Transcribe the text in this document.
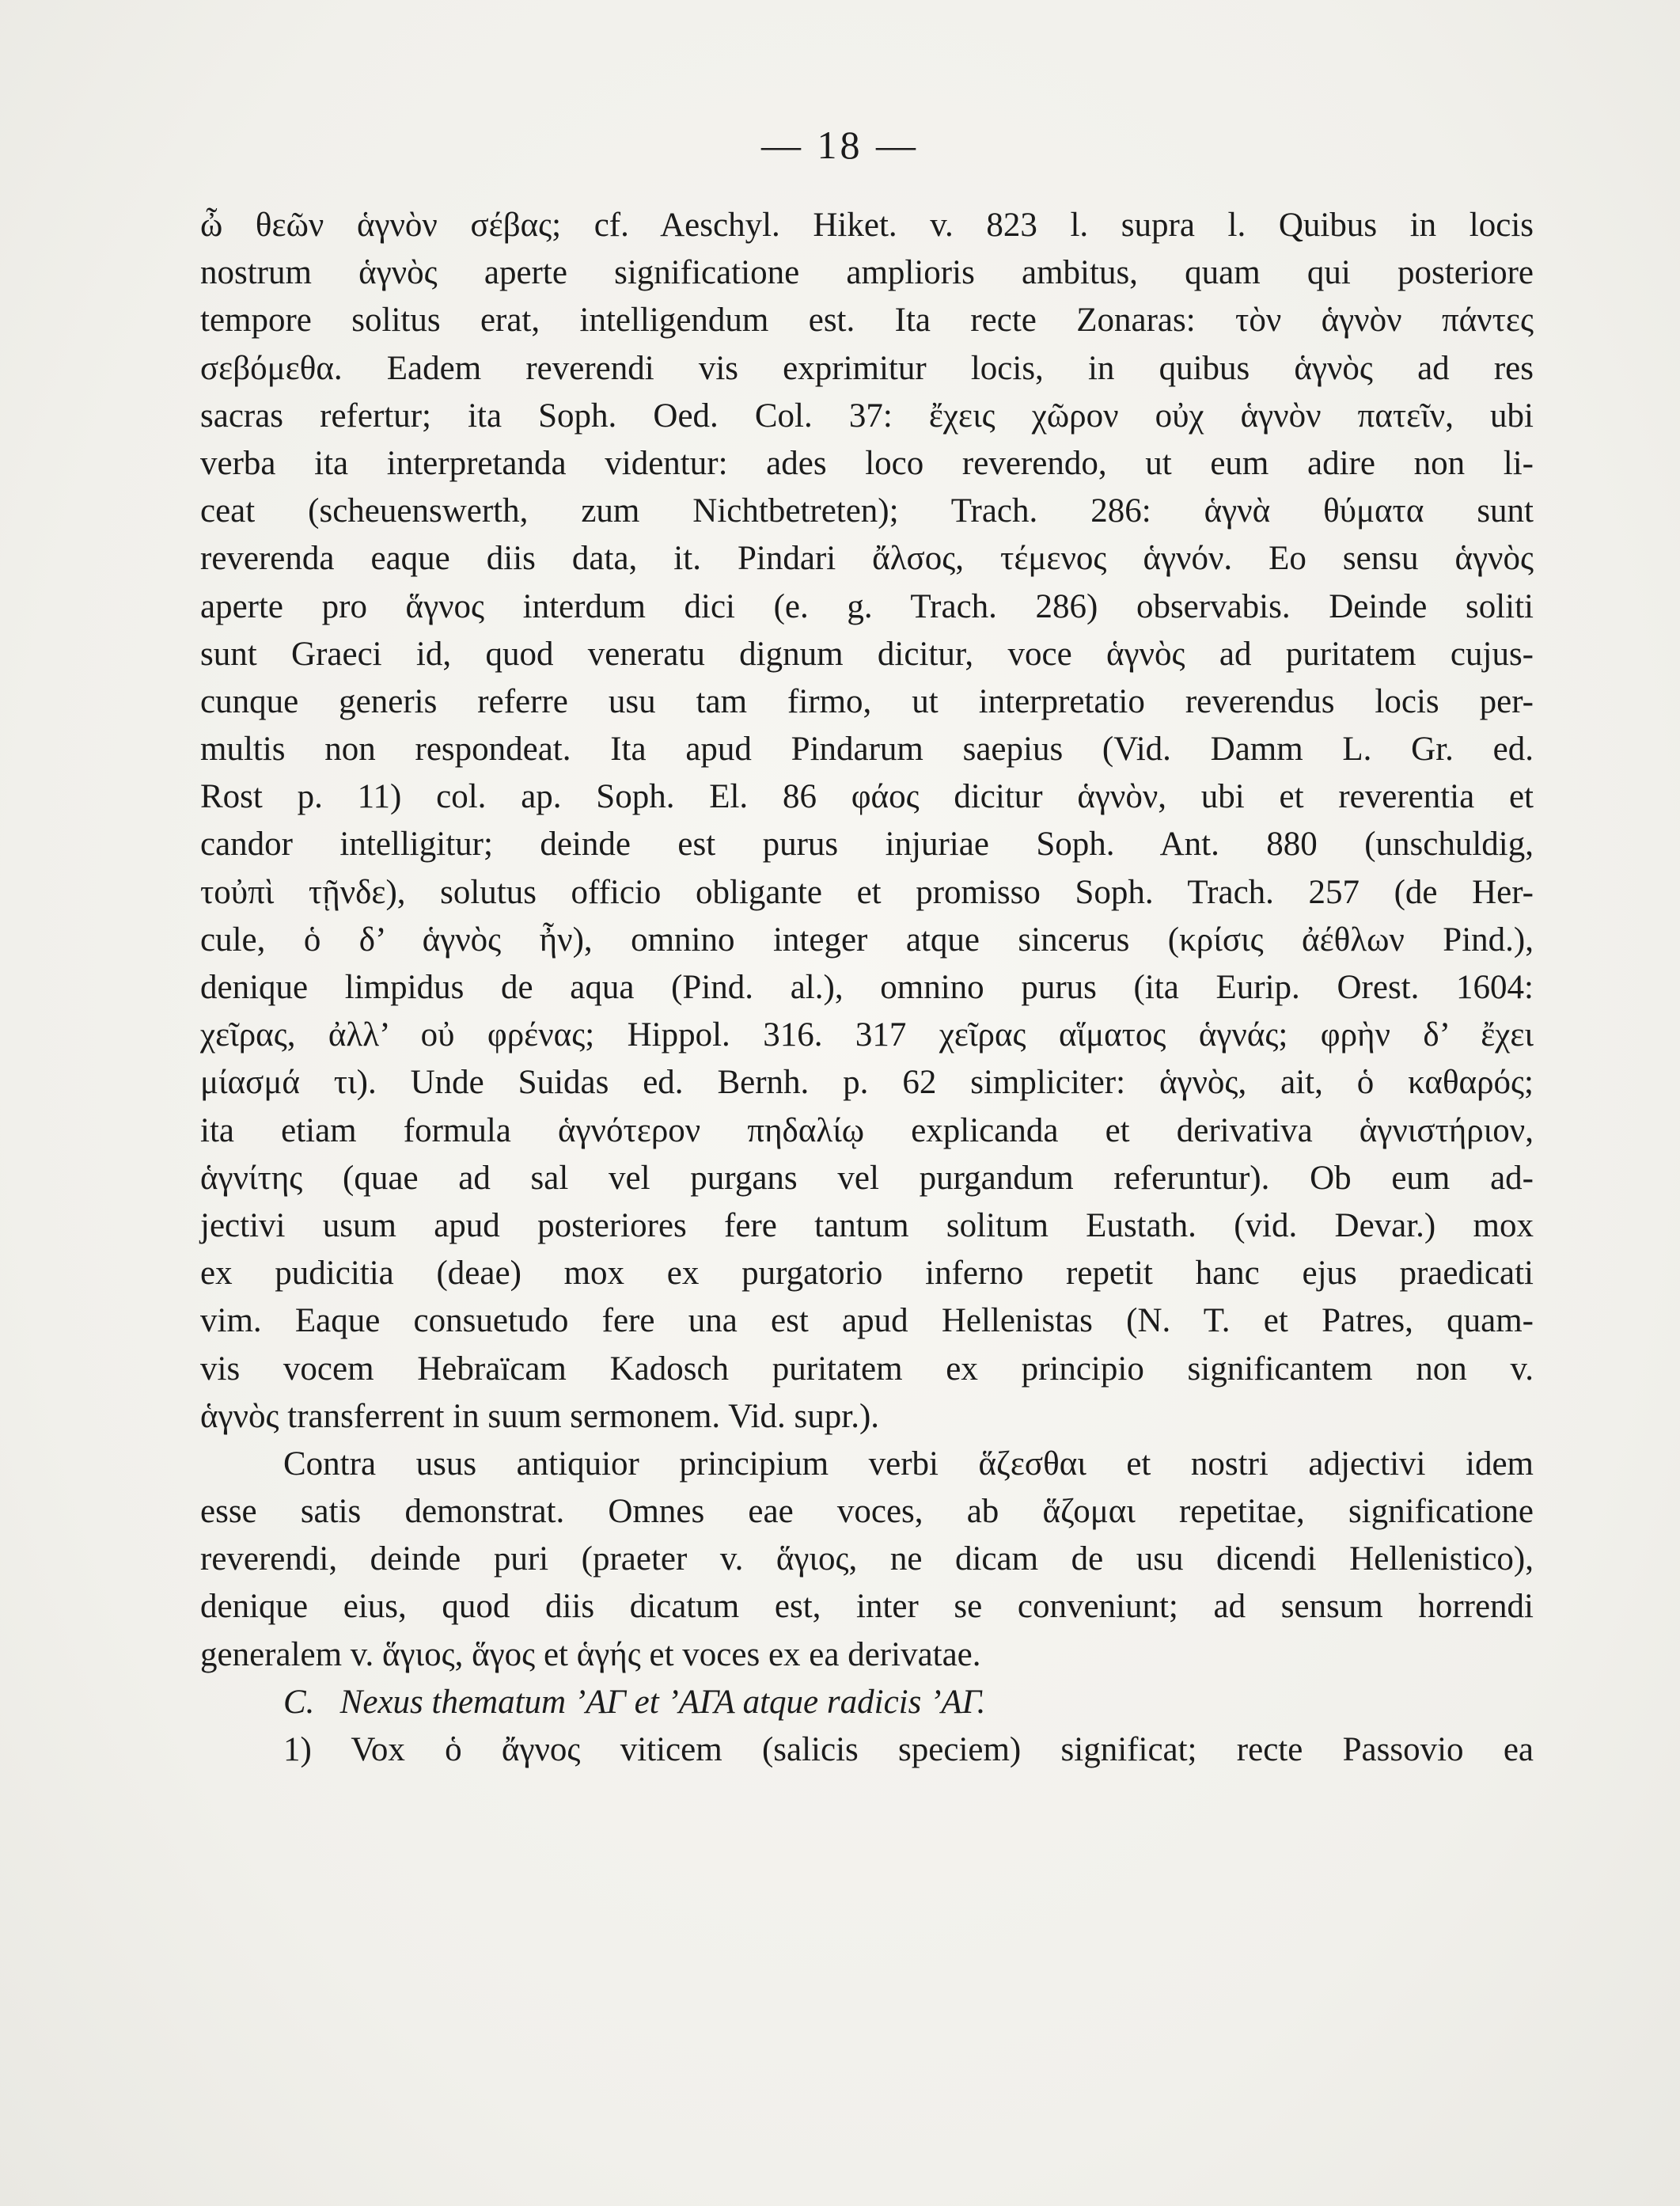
— 18 —
ὦ θεῶν ἁγνὸν σέβας; cf. Aeschyl. Hiket. v. 823 l. supra l. Quibus in locis
nostrum ἁγνὸς aperte significatione amplioris ambitus, quam qui posteriore
tempore solitus erat, intelligendum est. Ita recte Zonaras: τὸν ἁγνὸν πάντες
σεβόμεθα. Eadem reverendi vis exprimitur locis, in quibus ἁγνὸς ad res
sacras refertur; ita Soph. Oed. Col. 37: ἔχεις χῶρον οὐχ ἁγνὸν πατεῖν, ubi
verba ita interpretanda videntur: ades loco reverendo, ut eum adire non li-
ceat (scheuenswerth, zum Nichtbetreten); Trach. 286: ἁγνὰ θύματα sunt
reverenda eaque diis data, it. Pindari ἄλσος, τέμενος ἁγνόν. Eo sensu ἁγνὸς
aperte pro ἅγνος interdum dici (e. g. Trach. 286) observabis. Deinde soliti
sunt Graeci id, quod veneratu dignum dicitur, voce ἁγνὸς ad puritatem cujus-
cunque generis referre usu tam firmo, ut interpretatio reverendus locis per-
multis non respondeat. Ita apud Pindarum saepius (Vid. Damm L. Gr. ed.
Rost p. 11) col. ap. Soph. El. 86 φάος dicitur ἁγνὸν, ubi et reverentia et
candor intelligitur; deinde est purus injuriae Soph. Ant. 880 (unschuldig,
τοὐπὶ τῇνδε), solutus officio obligante et promisso Soph. Trach. 257 (de Her-
cule, ὁ δ’ ἁγνὸς ἦν), omnino integer atque sincerus (κρίσις ἀέθλων Pind.),
denique limpidus de aqua (Pind. al.), omnino purus (ita Eurip. Orest. 1604:
χεῖρας, ἀλλ’ οὐ φρένας; Hippol. 316. 317 χεῖρας αἵματος ἁγνάς; φρὴν δ’ ἔχει
μίασμά τι). Unde Suidas ed. Bernh. p. 62 simpliciter: ἁγνὸς, ait, ὁ καθαρός;
ita etiam formula ἁγνότερον πηδαλίῳ explicanda et derivativa ἁγνιστήριον,
ἁγνίτης (quae ad sal vel purgans vel purgandum referuntur). Ob eum ad-
jectivi usum apud posteriores fere tantum solitum Eustath. (vid. Devar.) mox
ex pudicitia (deae) mox ex purgatorio inferno repetit hanc ejus praedicati
vim. Eaque consuetudo fere una est apud Hellenistas (N. T. et Patres, quam-
vis vocem Hebraïcam Kadosch puritatem ex principio significantem non v.
ἁγνὸς transferrent in suum sermonem. Vid. supr.).
Contra usus antiquior principium verbi ἅζεσθαι et nostri adjectivi idem
esse satis demonstrat. Omnes eae voces, ab ἅζομαι repetitae, significatione
reverendi, deinde puri (praeter v. ἅγιος, ne dicam de usu dicendi Hellenistico),
denique eius, quod diis dicatum est, inter se conveniunt; ad sensum horrendi
generalem v. ἅγιος, ἅγος et ἁγής et voces ex ea derivatae.
C.   Nexus thematum ’ΑΓ et ’ΑΓΑ atque radicis ’ΑΓ.
1) Vox ὁ ἄγνος viticem (salicis speciem) significat; recte Passovio ea
